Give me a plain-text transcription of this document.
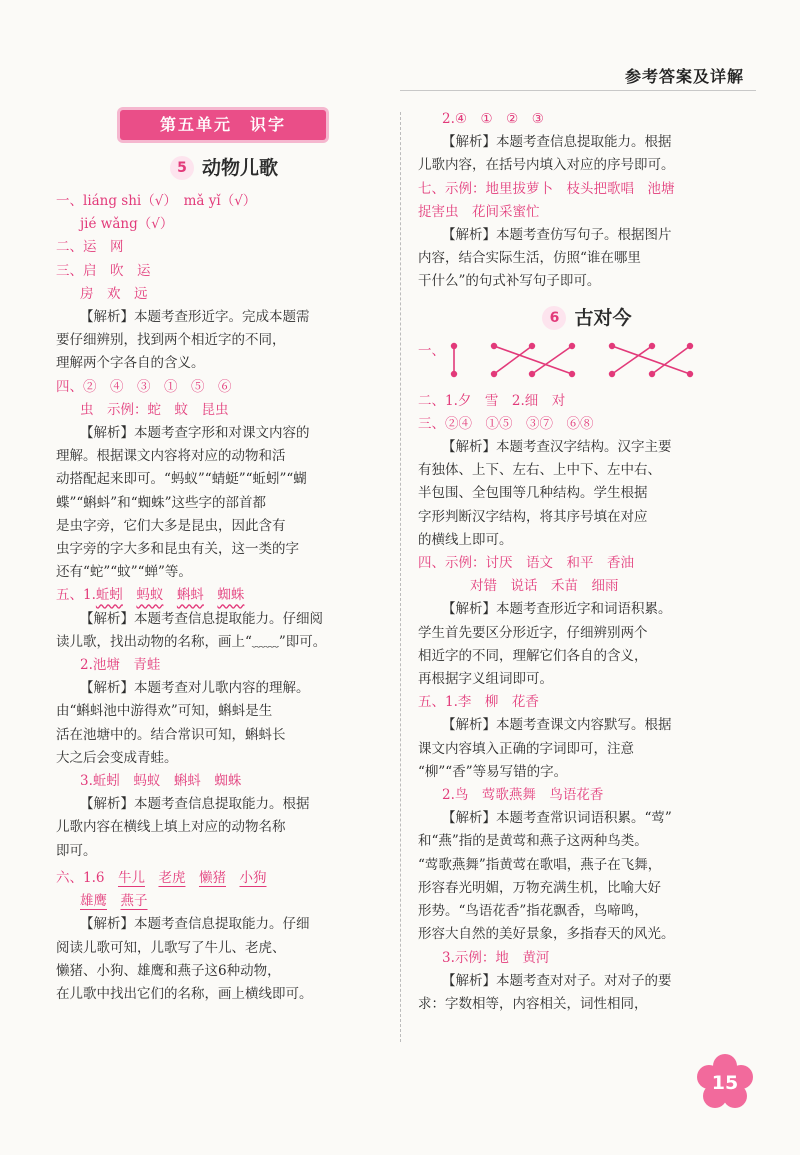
参考答案及详解
第五单元　识字
5 动物儿歌
一、liáng shi（√）　mǎ yǐ（√）
jié wǎng（√）
二、运　网
三、启　吹　运
房　欢　远
【解析】本题考查形近字。完成本题需
要仔细辨别，找到两个相近字的不同，
理解两个字各自的含义。
四、②　④　③　①　⑤　⑥
虫　示例：蛇　蚊　昆虫
【解析】本题考查字形和对课文内容的
理解。根据课文内容将对应的动物和活
动搭配起来即可。“蚂蚁”“蜻蜓”“蚯蚓”“蝴
蝶”“蝌蚪”和“蜘蛛”这些字的部首都
是虫字旁，它们大多是昆虫，因此含有
虫字旁的字大多和昆虫有关，这一类的字
还有“蛇”“蚊”“蝉”等。
五、1.蚯蚓　 蚂蚁　 蝌蚪　 蜘蛛
【解析】本题考查信息提取能力。仔细阅
读儿歌，找出动物的名称，画上“﹏﹏”即可。
2.池塘　青蛙
【解析】本题考查对儿歌内容的理解。
由“蝌蚪池中游得欢”可知，蝌蚪是生
活在池塘中的。结合常识可知，蝌蚪长
大之后会变成青蛙。
3.蚯蚓　蚂蚁　蝌蚪　蜘蛛
【解析】本题考查信息提取能力。根据
儿歌内容在横线上填上对应的动物名称
即可。
六、1.6　 牛儿　 老虎　 懒猪　 小狗
雄鹰　 燕子
【解析】本题考查信息提取能力。仔细
阅读儿歌可知，儿歌写了牛儿、老虎、
懒猪、小狗、雄鹰和燕子这6种动物，
在儿歌中找出它们的名称，画上横线即可。
2.④　①　②　③
【解析】本题考查信息提取能力。根据
儿歌内容，在括号内填入对应的序号即可。
七、示例：地里拔萝卜　枝头把歌唱　池塘
捉害虫　花间采蜜忙
【解析】本题考查仿写句子。根据图片
内容，结合实际生活，仿照“谁在哪里
干什么”的句式补写句子即可。
6 古对今
一、
二、1.夕　雪　2.细　对
三、②④　①⑤　③⑦　⑥⑧
【解析】本题考查汉字结构。汉字主要
有独体、上下、左右、上中下、左中右、
半包围、全包围等几种结构。学生根据
字形判断汉字结构，将其序号填在对应
的横线上即可。
四、示例：讨厌　语文　和平　香油
对错　说话　禾苗　细雨
【解析】本题考查形近字和词语积累。
学生首先要区分形近字，仔细辨别两个
相近字的不同，理解它们各自的含义，
再根据字义组词即可。
五、1.李　柳　花香
【解析】本题考查课文内容默写。根据
课文内容填入正确的字词即可，注意
“柳”“香”等易写错的字。
2.鸟　莺歌燕舞　鸟语花香
【解析】本题考查常识词语积累。“莺”
和“燕”指的是黄莺和燕子这两种鸟类。
“莺歌燕舞”指黄莺在歌唱，燕子在飞舞，
形容春光明媚，万物充满生机，比喻大好
形势。“鸟语花香”指花飘香，鸟啼鸣，
形容大自然的美好景象，多指春天的风光。
3.示例：地　黄河
【解析】本题考查对对子。对对子的要
求：字数相等，内容相关，词性相同，
15
